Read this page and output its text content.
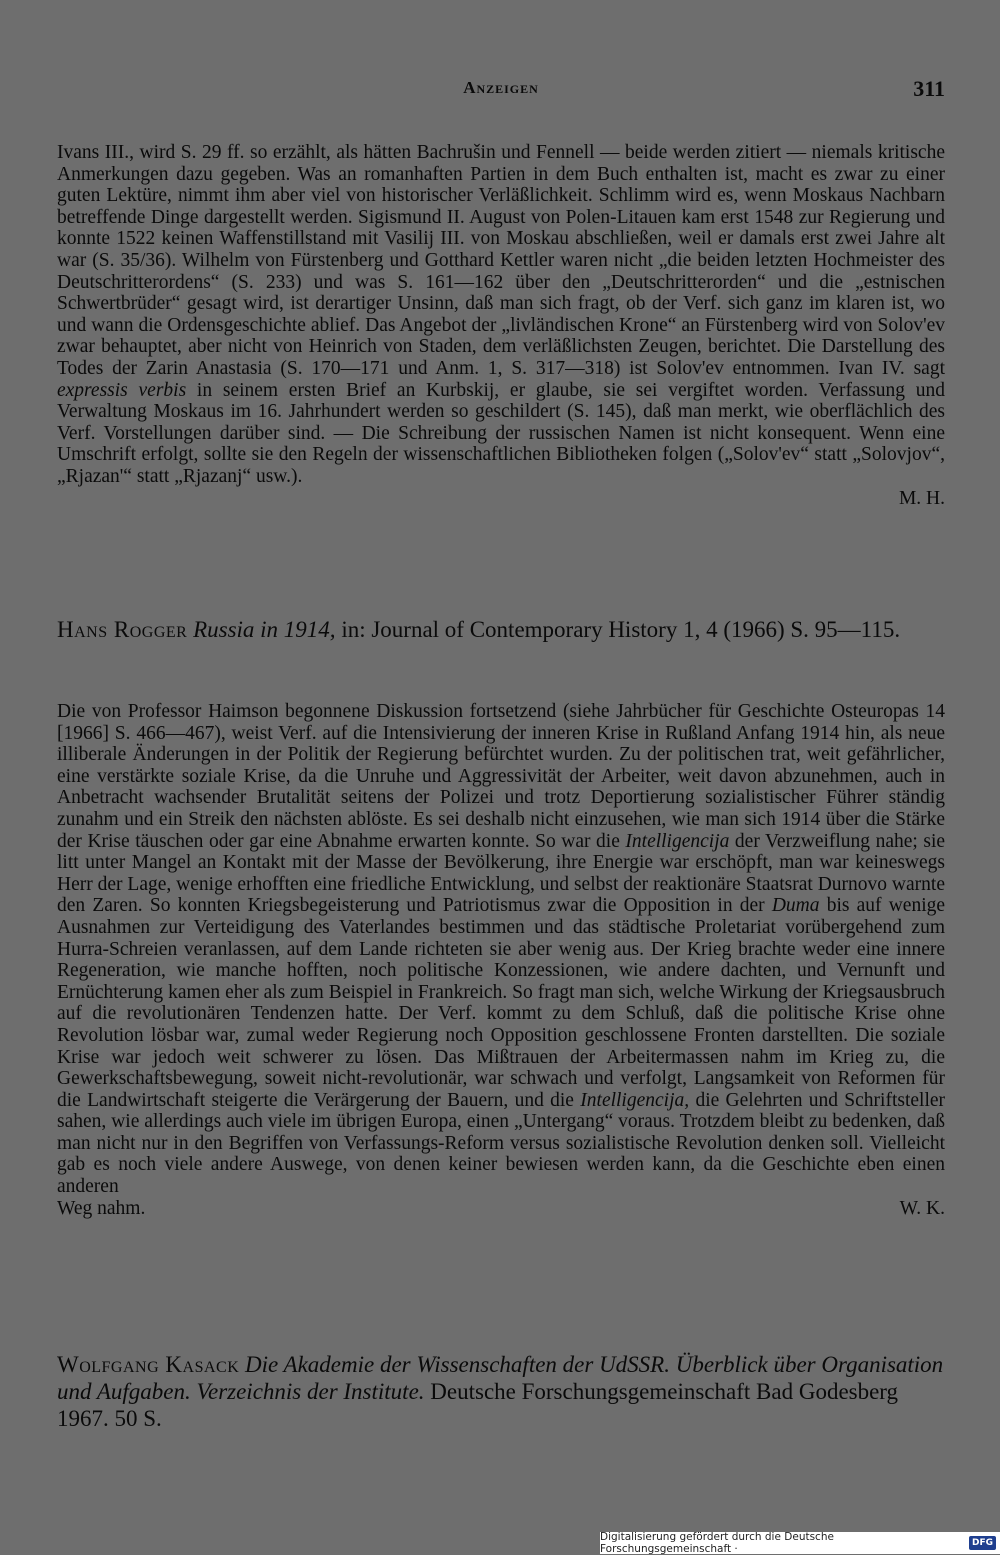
Anzeigen	311

Ivans III., wird S. 29 ff. so erzählt, als hätten Bachrušin und Fennell — beide werden zitiert — niemals kritische Anmerkungen dazu gegeben. Was an romanhaften Partien in dem Buch enthalten ist, macht es zwar zu einer guten Lektüre, nimmt ihm aber viel von historischer Verläßlichkeit. Schlimm wird es, wenn Moskaus Nachbarn betreffende Dinge dargestellt werden. Sigismund II. August von Polen-Litauen kam erst 1548 zur Regierung und konnte 1522 keinen Waffenstillstand mit Vasilij III. von Moskau abschließen, weil er damals erst zwei Jahre alt war (S. 35/36). Wilhelm von Fürstenberg und Gotthard Kettler waren nicht „die beiden letzten Hochmeister des Deutschritterordens“ (S. 233) und was S. 161—162 über den „Deutschritterorden“ und die „estnischen Schwertbrüder“ gesagt wird, ist derartiger Unsinn, daß man sich fragt, ob der Verf. sich ganz im klaren ist, wo und wann die Ordensgeschichte ablief. Das Angebot der „livländischen Krone“ an Fürstenberg wird von Solov'ev zwar behauptet, aber nicht von Heinrich von Staden, dem verläßlichsten Zeugen, berichtet. Die Darstellung des Todes der Zarin Anastasia (S. 170—171 und Anm. 1, S. 317—318) ist Solov'ev entnommen. Ivan IV. sagt expressis verbis in seinem ersten Brief an Kurbskij, er glaube, sie sei vergiftet worden. Verfassung und Verwaltung Moskaus im 16. Jahrhundert werden so geschildert (S. 145), daß man merkt, wie oberflächlich des Verf. Vorstellungen darüber sind. — Die Schreibung der russischen Namen ist nicht konsequent. Wenn eine Umschrift erfolgt, sollte sie den Regeln der wissenschaftlichen Bibliotheken folgen („Solov'ev“ statt „Solovjov“, „Rjazan'“ statt „Rjazanj“ usw.).

M. H.

Hans Rogger Russia in 1914, in: Journal of Contemporary History 1, 4 (1966) S. 95—115.

Die von Professor Haimson begonnene Diskussion fortsetzend (siehe Jahrbücher für Geschichte Osteuropas 14 [1966] S. 466—467), weist Verf. auf die Intensivierung der inneren Krise in Rußland Anfang 1914 hin, als neue illiberale Änderungen in der Politik der Regierung befürchtet wurden. Zu der politischen trat, weit gefährlicher, eine verstärkte soziale Krise, da die Unruhe und Aggressivität der Arbeiter, weit davon abzunehmen, auch in Anbetracht wachsender Brutalität seitens der Polizei und trotz Deportierung sozialistischer Führer ständig zunahm und ein Streik den nächsten ablöste. Es sei deshalb nicht einzusehen, wie man sich 1914 über die Stärke der Krise täuschen oder gar eine Abnahme erwarten konnte. So war die Intelligencija der Verzweiflung nahe; sie litt unter Mangel an Kontakt mit der Masse der Bevölkerung, ihre Energie war erschöpft, man war keineswegs Herr der Lage, wenige erhofften eine friedliche Entwicklung, und selbst der reaktionäre Staatsrat Durnovo warnte den Zaren. So konnten Kriegsbegeisterung und Patriotismus zwar die Opposition in der Duma bis auf wenige Ausnahmen zur Verteidigung des Vaterlandes bestimmen und das städtische Proletariat vorübergehend zum Hurra-Schreien veranlassen, auf dem Lande richteten sie aber wenig aus. Der Krieg brachte weder eine innere Regeneration, wie manche hofften, noch politische Konzessionen, wie andere dachten, und Vernunft und Ernüchterung kamen eher als zum Beispiel in Frankreich. So fragt man sich, welche Wirkung der Kriegsausbruch auf die revolutionären Tendenzen hatte. Der Verf. kommt zu dem Schluß, daß die politische Krise ohne Revolution lösbar war, zumal weder Regierung noch Opposition geschlossene Fronten darstellten. Die soziale Krise war jedoch weit schwerer zu lösen. Das Mißtrauen der Arbeitermassen nahm im Krieg zu, die Gewerkschaftsbewegung, soweit nicht-revolutionär, war schwach und verfolgt, Langsamkeit von Reformen für die Landwirtschaft steigerte die Verärgerung der Bauern, und die Intelligencija, die Gelehrten und Schriftsteller sahen, wie allerdings auch viele im übrigen Europa, einen „Untergang“ voraus. Trotzdem bleibt zu bedenken, daß man nicht nur in den Begriffen von Verfassungs-Reform versus sozialistische Revolution denken soll. Vielleicht gab es noch viele andere Auswege, von denen keiner bewiesen werden kann, da die Geschichte eben einen anderen

Weg nahm.	W. K.

Wolfgang Kasack Die Akademie der Wissenschaften der UdSSR. Überblick über Organisation und Aufgaben. Verzeichnis der Institute. Deutsche Forschungsgemeinschaft Bad Godesberg 1967. 50 S.

Digitalisierung gefördert durch die Deutsche Forschungsgemeinschaft ·	DFG
